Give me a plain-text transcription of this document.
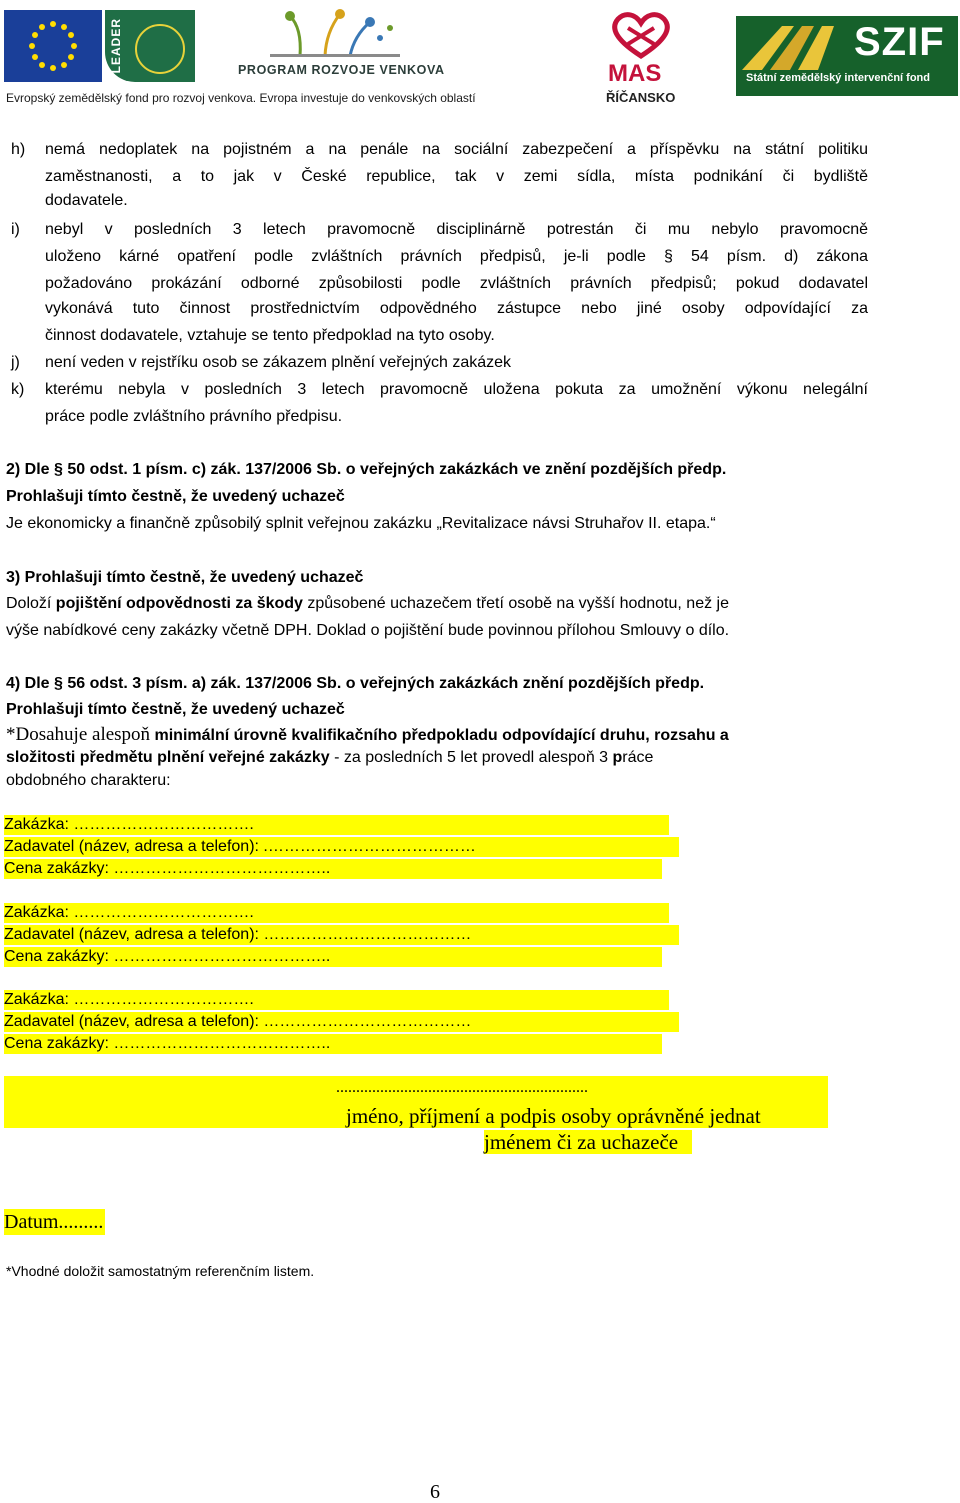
LEADER	PROGRAM ROZVOJE VENKOVA	MAS
ŘÍČANSKO
SZIF
Státní zemědělský intervenční fond
Evropský zemědělský fond pro rozvoj venkova. Evropa investuje do venkovských oblastí
h) nemá nedoplatek na pojistném a na penále na sociální zabezpečení a příspěvku na státní politiku
zaměstnanosti, a to jak v České republice, tak v zemi sídla, místa podnikání či bydliště
dodavatele.
i) nebyl v posledních 3 letech pravomocně disciplinárně potrestán či mu nebylo pravomocně
uloženo kárné opatření podle zvláštních právních předpisů, je-li podle § 54 písm. d) zákona
požadováno prokázání odborné způsobilosti podle zvláštních právních předpisů; pokud dodavatel
vykonává tuto činnost prostřednictvím odpovědného zástupce nebo jiné osoby odpovídající za
činnost dodavatele, vztahuje se tento předpoklad na tyto osoby.
j) není veden v rejstříku osob se zákazem plnění veřejných zakázek
k) kterému nebyla v posledních 3 letech pravomocně uložena pokuta za umožnění výkonu nelegální
práce podle zvláštního právního předpisu.
2) Dle § 50 odst. 1 písm. c) zák. 137/2006 Sb. o veřejných zakázkách ve znění pozdějších předp.
Prohlašuji tímto čestně, že uvedený uchazeč
Je ekonomicky a finančně způsobilý splnit veřejnou zakázku „Revitalizace návsi Struhařov II. etapa.“
3) Prohlašuji tímto čestně, že uvedený uchazeč
Doloží pojištění odpovědnosti za škody způsobené uchazečem třetí osobě na vyšší hodnotu, než je
výše nabídkové ceny zakázky včetně DPH. Doklad o pojištění bude povinnou přílohou Smlouvy o dílo.
4) Dle § 56 odst. 3 písm. a) zák. 137/2006 Sb. o veřejných zakázkách znění pozdějších předp.
Prohlašuji tímto čestně, že uvedený uchazeč
*Dosahuje alespoň minimální úrovně kvalifikačního předpokladu odpovídající druhu, rozsahu a
složitosti předmětu plnění veřejné zakázky - za posledních 5 let provedl alespoň 3 práce
obdobného charakteru:
Zakázka: …………………………….
Zadavatel (název, adresa a telefon): .…………………………………
Cena zakázky: …………………………………..
Zakázka: …………………………….
Zadavatel (název, adresa a telefon): …………………………………
Cena zakázky: …………………………………..
Zakázka: …………………………….
Zadavatel (název, adresa a telefon): …………………………………
Cena zakázky: …………………………………..
...............................................................
jméno, příjmení a podpis osoby oprávněné jednat
jménem či za uchazeče
Datum.........
*Vhodné doložit samostatným referenčním listem.
6
